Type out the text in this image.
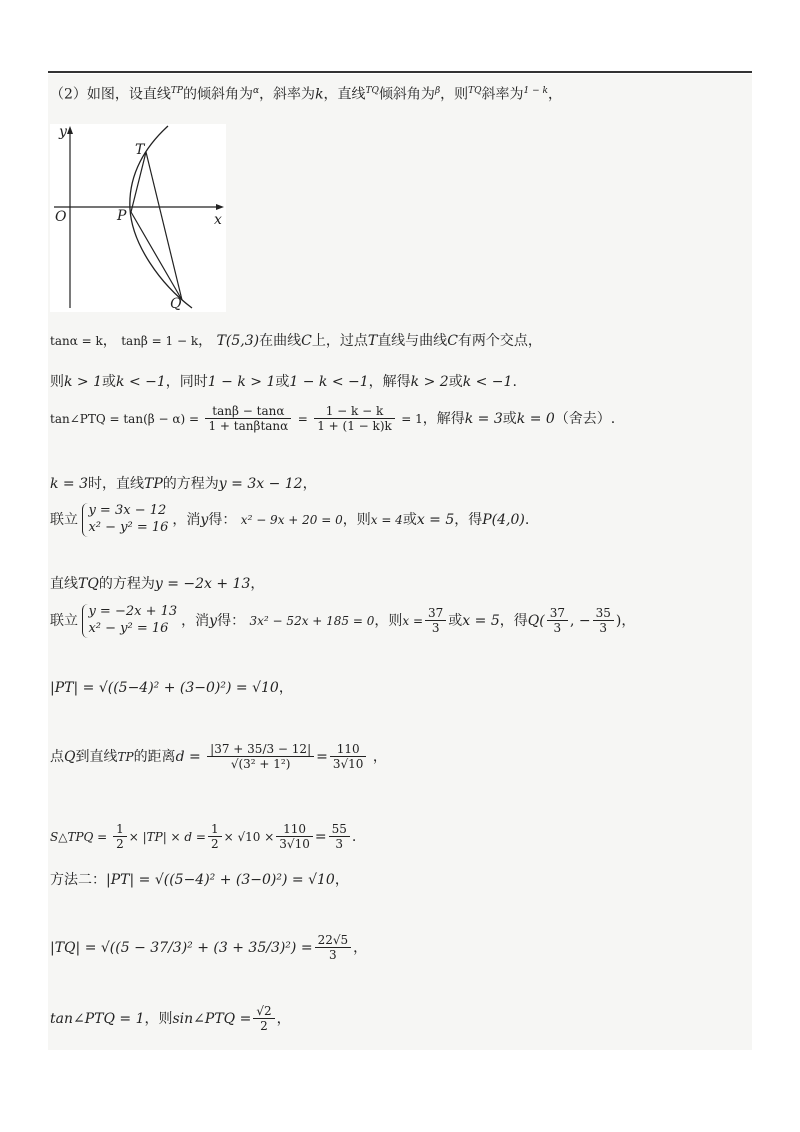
（2）如图，设直线$^{TP}$的倾斜角为$^\alpha$，斜率为k，直线$^{TQ}$倾斜角为$^\beta$，则$^{TQ}$斜率为$^{1 - k}$，
y
x
O
T
P
Q
tanα = k， tanβ = 1 − k， T(5,3)在曲线C上，过点T直线与曲线C有两个交点，
则k > 1或k < −1，同时1 − k > 1或1 − k < −1，解得k > 2或k < −1.
tan∠PTQ = $\tan(\beta - \alpha) = \frac{\tan\beta - \tan\alpha}{1 + \tan\beta\tan\alpha} = \frac{1 - k - k}{1 + (1 - k)k} = 1$，解得k = 3或k = 0（舍去）.
k = 3时，直线TP的方程为y = 3x − 12，
联立
y = 3x − 12
x² − y² = 16 ，消y得： x² − 9x + 20 = 0，则x = 4或x = 5，得P(4,0).
直线TQ的方程为y = −2x + 13，
联立
y = −2x + 13
x² − y² = 16 ，消y得： 3x² − 52x + 185 = 0，则$x = \frac{37}{3}$ 或x = 5，得$Q( \frac{37}{3}$ , − $\frac{35}{3}$ )，
|PT| = √((5−4)² + (3−0)²) = √10，
点Q到直线TP的距离$d = \frac{|37 + 35/3 - 12|}{\text{√(3² + 1²)}} = \frac{110}{3√10}$ ，
S△TPQ = $\frac{1}{2} \times |TP| \times d = \frac{1}{2} \times √10 \times \frac{110}{3√10} = \frac{55}{3}$ .
方法二：|PT| = √((5−4)² + (3−0)²) = √10，
$|TQ| = √((5 - 37/3)^2 + (3 + 35/3)^2) = \frac{22√5}{3}$ ，
tan∠PTQ = 1，则sin∠PTQ = $\frac{√2}{2}$ ，
